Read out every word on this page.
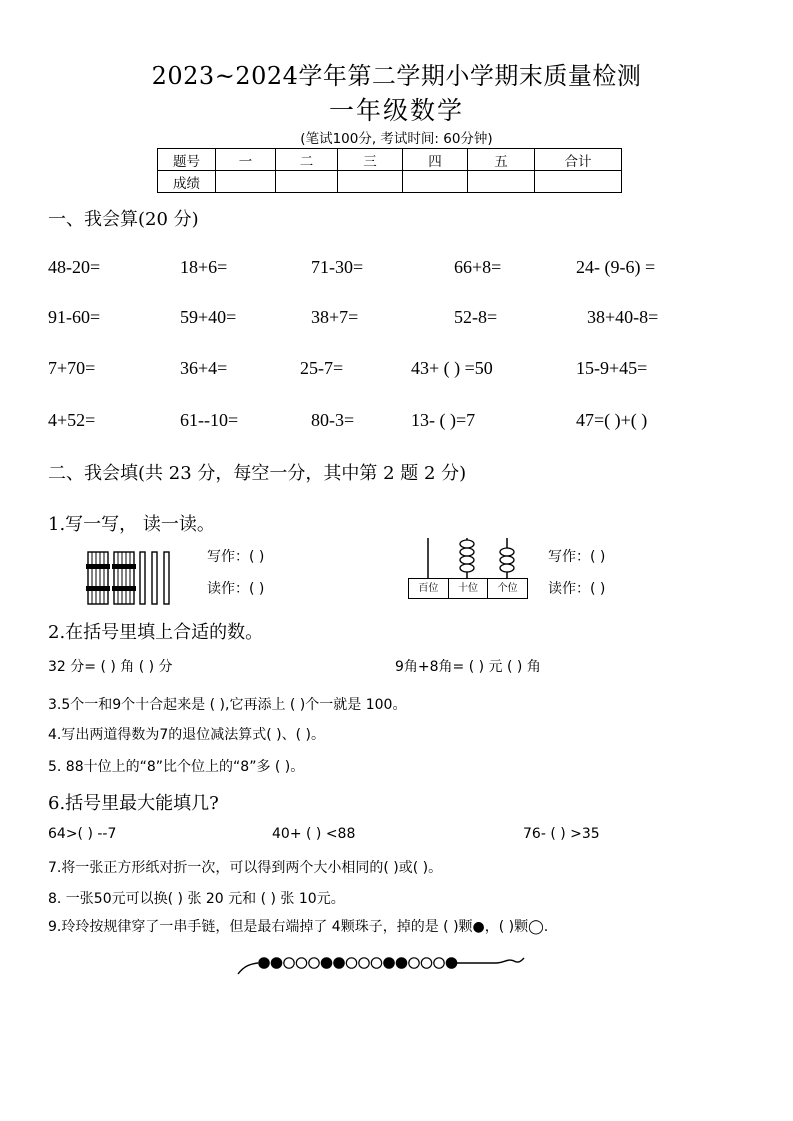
2023~2024学年第二学期小学期末质量检测
一年级数学
(笔试100分, 考试时间: 60分钟)
题号	一	二	三	四	五	合计
成绩						
一、我会算(20 分)
48-20=	18+6=	71-30=	66+8=	24- (9-6) =
91-60=	59+40=	38+7=	52-8=	38+40-8=
7+70=	36+4=	25-7=	43+ ( ) =50	15-9+45=
4+52=	61--10=	80-3=	13- ( )=7	47=( )+( )
二、我会填(共 23 分，每空一分，其中第 2 题 2 分)
1.写一写， 读一读。
写作：( )
读作：( )	百位	十位	个位
写作：( )
读作：( )
2.在括号里填上合适的数。
32 分= ( ) 角 ( ) 分	9角+8角= ( ) 元 ( ) 角
3.5个一和9个十合起来是 ( ),它再添上 ( )个一就是 100。
4.写出两道得数为7的退位减法算式( )、( )。
5. 88十位上的“8”比个位上的“8”多 ( )。
6.括号里最大能填几?
64>( ) --7	40+ ( ) <88	76- ( ) >35
7.将一张正方形纸对折一次，可以得到两个大小相同的( )或( )。
8. 一张50元可以换( ) 张 20 元和 ( ) 张 10元。
9.玲玲按规律穿了一串手链，但是最右端掉了 4颗珠子，掉的是 ( )颗●，( )颗◯.
